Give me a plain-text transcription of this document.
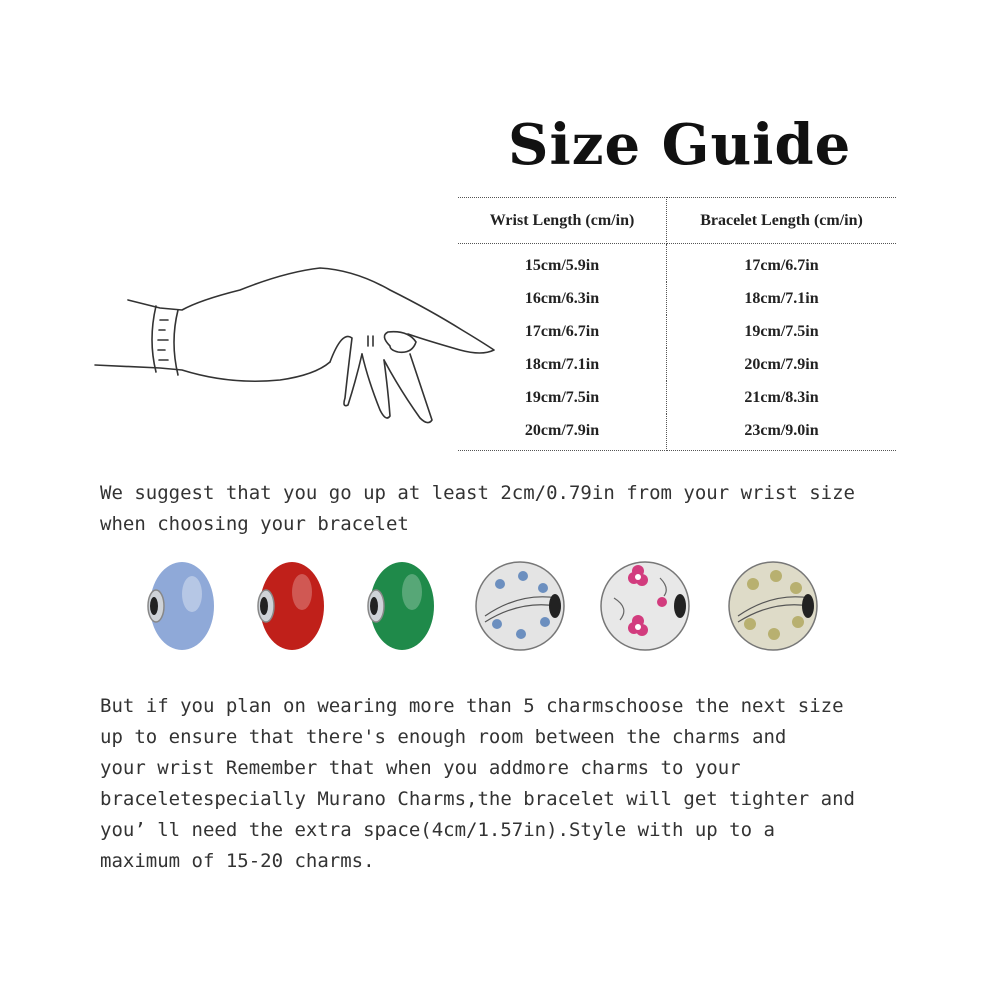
Size Guide
Wrist Length (cm/in)	Bracelet Length (cm/in)
15cm/5.9in	17cm/6.7in
16cm/6.3in	18cm/7.1in
17cm/6.7in	19cm/7.5in
18cm/7.1in	20cm/7.9in
19cm/7.5in	21cm/8.3in
20cm/7.9in	23cm/9.0in
We suggest that you go up at least 2cm/0.79in from your wrist size
when choosing your bracelet
But if you plan on wearing more than 5 charmschoose the next size
up to ensure that there's enough room between the charms and
your wrist Remember that when you addmore charms to your
braceletespecially Murano Charms,the bracelet will get tighter and
you’ ll need the extra space(4cm/1.57in).Style with up to a
maximum of 15-20 charms.
